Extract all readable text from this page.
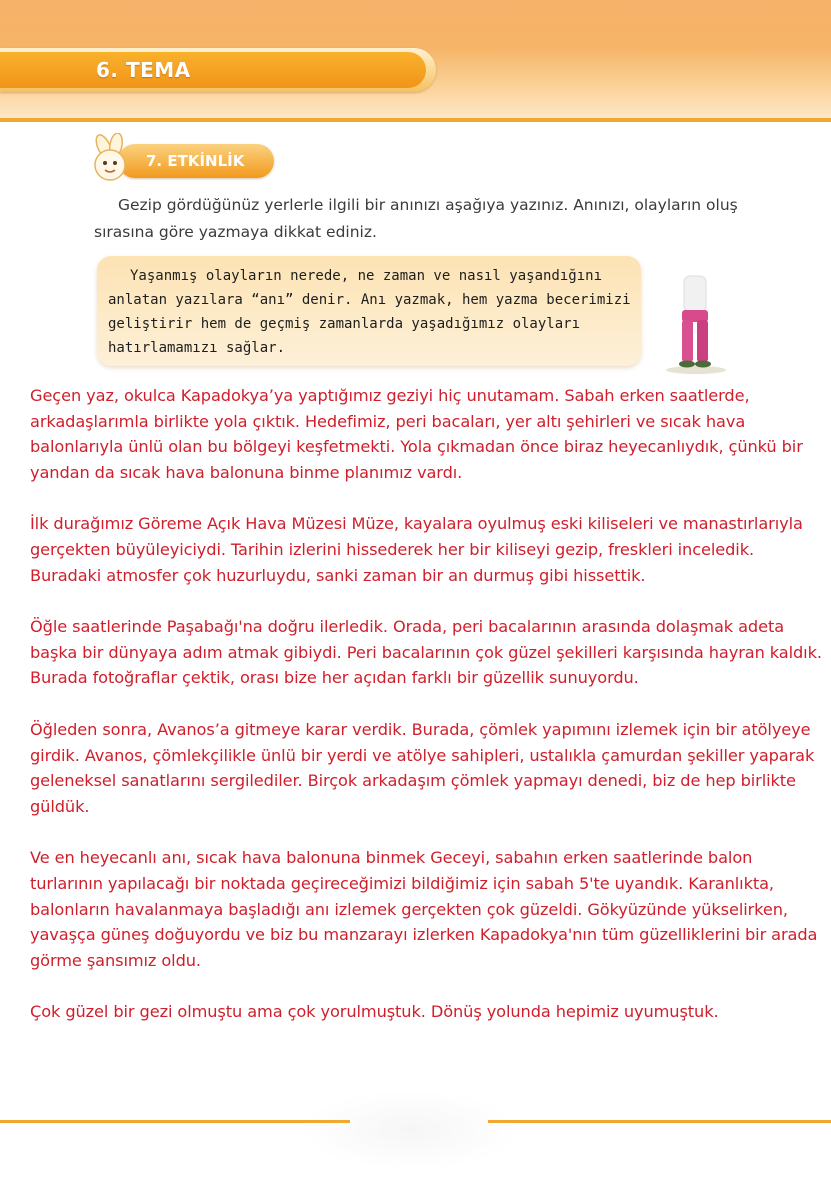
6. TEMA
7. ETKİNLİK
Gezip gördüğünüz yerlerle ilgili bir anınızı aşağıya yazınız. Anınızı, olayların oluş sırasına göre yazmaya dikkat ediniz.
Yaşanmış olayların nerede, ne zaman ve nasıl yaşandığını anlatan yazılara “anı” denir. Anı yazmak, hem yazma becerimizi geliştirir hem de geçmiş zamanlarda yaşadığımız olayları hatırlamamızı sağlar.

Geçen yaz, okulca Kapadokya’ya yaptığımız geziyi hiç unutamam. Sabah erken saatlerde, arkadaşlarımla birlikte yola çıktık. Hedefimiz, peri bacaları, yer altı şehirleri ve sıcak hava balonlarıyla ünlü olan bu bölgeyi keşfetmekti. Yola çıkmadan önce biraz heyecanlıydık, çünkü bir yandan da sıcak hava balonuna binme planımız vardı.

İlk durağımız Göreme Açık Hava Müzesi Müze, kayalara oyulmuş eski kiliseleri ve manastırlarıyla gerçekten büyüleyiciydi. Tarihin izlerini hissederek her bir kiliseyi gezip, freskleri inceledik. Buradaki atmosfer çok huzurluydu, sanki zaman bir an durmuş gibi hissettik.

Öğle saatlerinde Paşabağı'na doğru ilerledik. Orada, peri bacalarının arasında dolaşmak adeta başka bir dünyaya adım atmak gibiydi. Peri bacalarının çok güzel şekilleri karşısında hayran kaldık. Burada fotoğraflar çektik, orası bize her açıdan farklı bir güzellik sunuyordu.

Öğleden sonra, Avanos’a gitmeye karar verdik. Burada, çömlek yapımını izlemek için bir atölyeye girdik. Avanos, çömlekçilikle ünlü bir yerdi ve atölye sahipleri, ustalıkla çamurdan şekiller yaparak geleneksel sanatlarını sergilediler. Birçok arkadaşım çömlek yapmayı denedi, biz de hep birlikte güldük.

Ve en heyecanlı anı, sıcak hava balonuna binmek Geceyi, sabahın erken saatlerinde balon turlarının yapılacağı bir noktada geçireceğimizi bildiğimiz için sabah 5'te uyandık. Karanlıkta, balonların havalanmaya başladığı anı izlemek gerçekten çok güzeldi. Gökyüzünde yükselirken, yavaşça güneş doğuyordu ve biz bu manzarayı izlerken Kapadokya'nın tüm güzelliklerini bir arada görme şansımız oldu.

Çok güzel bir gezi olmuştu ama çok yorulmuştuk. Dönüş yolunda hepimiz uyumuştuk.
